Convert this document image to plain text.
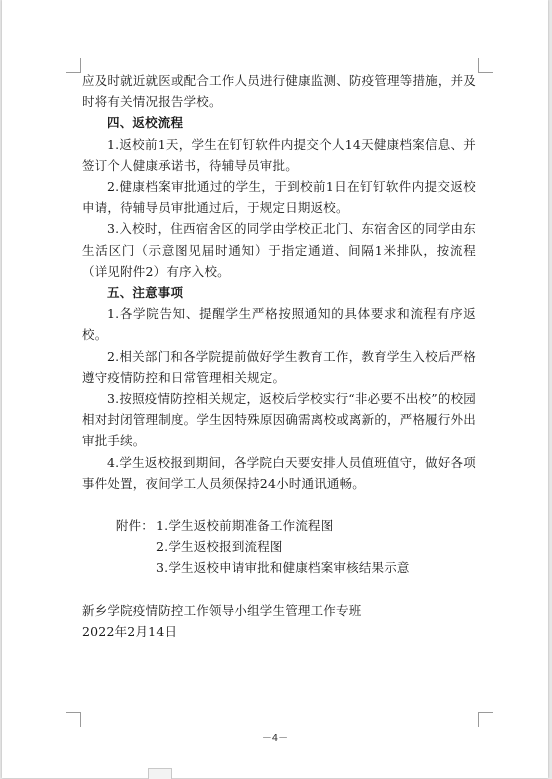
应及时就近就医或配合工作人员进行健康监测、防疫管理等措施，并及时将有关情况报告学校。

四、返校流程

1.返校前1天，学生在钉钉软件内提交个人14天健康档案信息、并签订个人健康承诺书，待辅导员审批。

2.健康档案审批通过的学生，于到校前1日在钉钉软件内提交返校申请，待辅导员审批通过后，于规定日期返校。

3.入校时，住西宿舍区的同学由学校正北门、东宿舍区的同学由东生活区门（示意图见届时通知）于指定通道、间隔1米排队，按流程（详见附件2）有序入校。

五、注意事项

1.各学院告知、提醒学生严格按照通知的具体要求和流程有序返校。

2.相关部门和各学院提前做好学生教育工作，教育学生入校后严格遵守疫情防控和日常管理相关规定。

3.按照疫情防控相关规定，返校后学校实行“非必要不出校”的校园相对封闭管理制度。学生因特殊原因确需离校或离新的，严格履行外出审批手续。

4.学生返校报到期间，各学院白天要安排人员值班值守，做好各项事件处置，夜间学工人员须保持24小时通讯通畅。

附件： 1.学生返校前期准备工作流程图

2.学生返校报到流程图

3.学生返校申请审批和健康档案审核结果示意

新乡学院疫情防控工作领导小组学生管理工作专班

2022年2月14日

－4－
